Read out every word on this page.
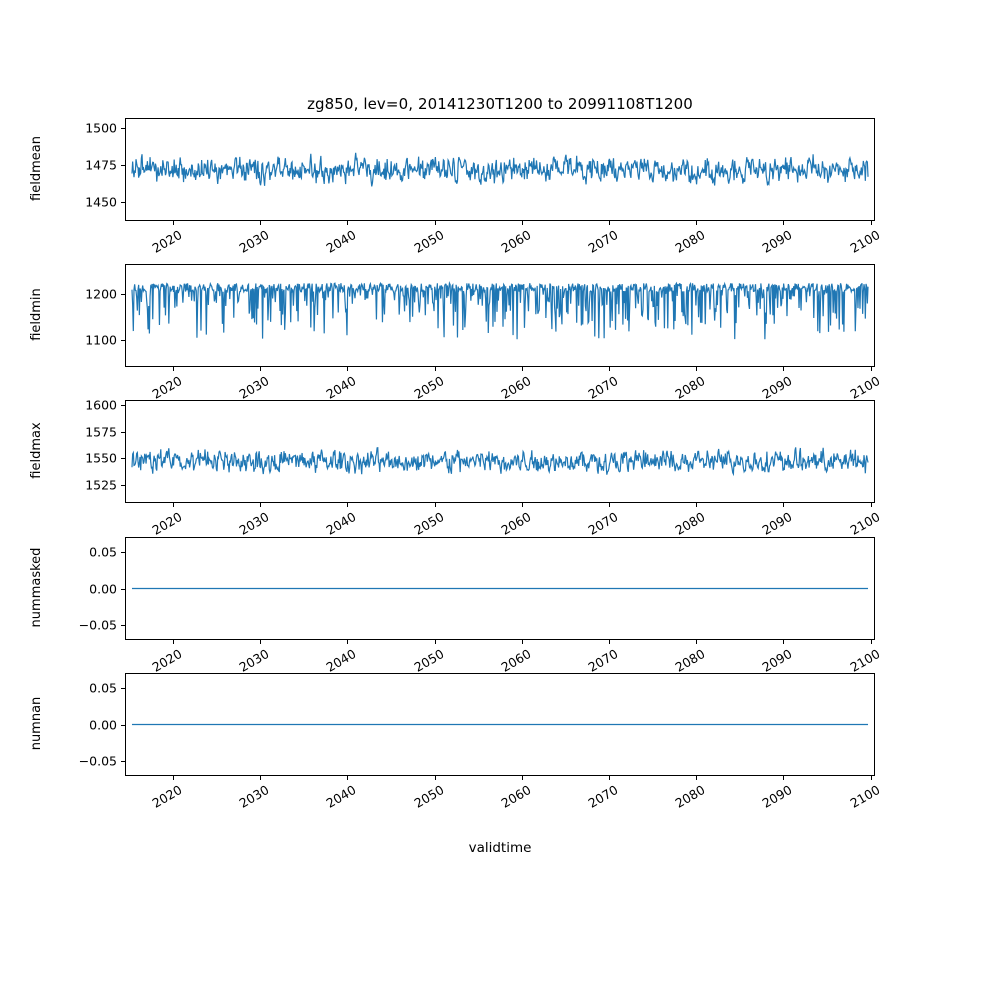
zg850, lev=0, 20141230T1200 to 20991108T1200
validtime
1450
1475
1500
fieldmean
2020	2030	2040	2050	2060	2070	2080	2090	2100
1100
1200
fieldmin
2020	2030	2040	2050	2060	2070	2080	2090	2100
1525
1550
1575
1600
fieldmax
2020	2030	2040	2050	2060	2070	2080	2090	2100
−0.05
0.00
0.05
nummasked
2020	2030	2040	2050	2060	2070	2080	2090	2100
−0.05
0.00
0.05
numnan
2020	2030	2040	2050	2060	2070	2080	2090	2100
